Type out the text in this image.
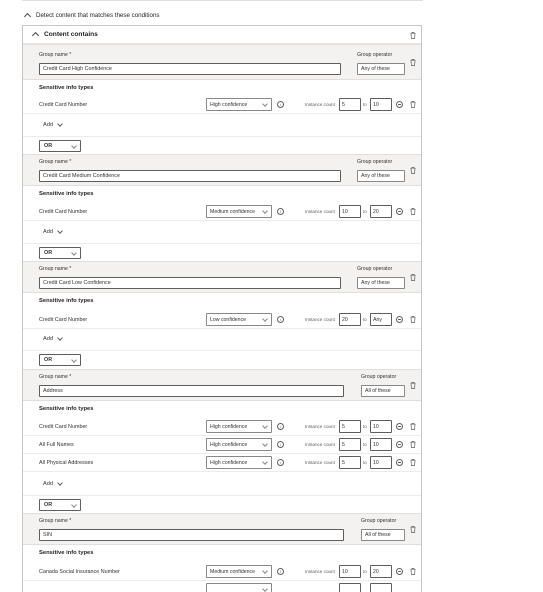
Detect content that matches these conditions
Content contains
Group name *	Group operator
Credit Card High Confidence	Any of these
Sensitive info types
Credit Card Number	High confidence	i	Instance count	5	to	10
Add
OR
Group name *	Group operator
Credit Card Medium Confidence	Any of these
Sensitive info types
Credit Card Number	Medium confidence	i	Instance count	10	to	20
Add
OR
Group name *	Group operator
Credit Card Low Confidence	Any of these
Sensitive info types
Credit Card Number	Low confidence	i	Instance count	20	to	Any
Add
OR
Group name *	Group operator
Address	All of these
Sensitive info types
Credit Card Number	High confidence	i	Instance count	5	to	10
All Full Names	High confidence	i	Instance count	5	to	10
All Physical Addresses	High confidence	i	Instance count	5	to	10
Add
OR
Group name *	Group operator
SIN	All of these
Sensitive info types
Canada Social Insurance Number	Medium confidence	i	Instance count	10	to	20
